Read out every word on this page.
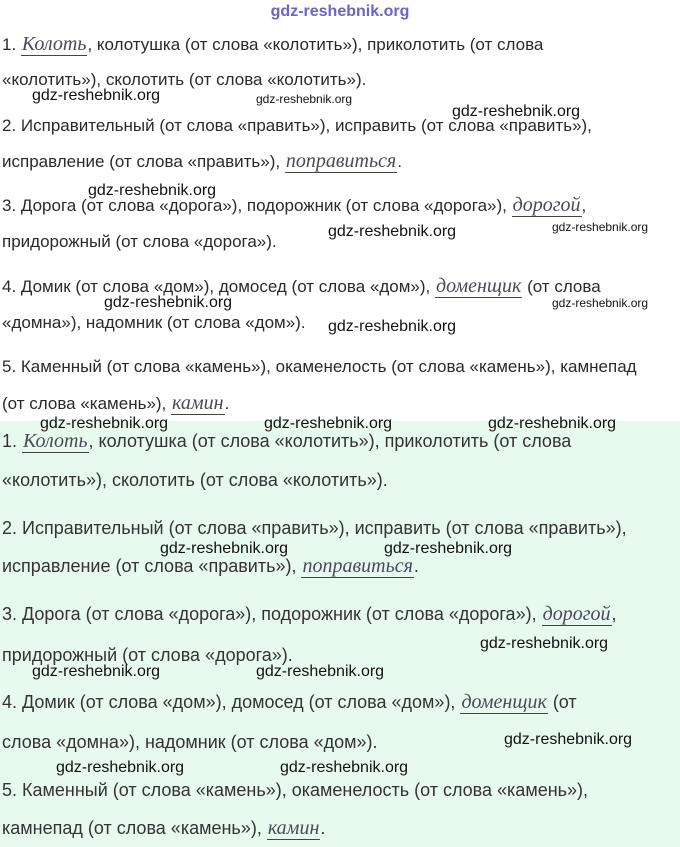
1. Колоть, колотушка (от слова «колотить»), приколотить (от слова
«колотить»), сколотить (от слова «колотить»).
2. Исправительный (от слова «править»), исправить (от слова «править»),
исправление (от слова «править»), поправиться.
3. Дорога (от слова «дорога»), подорожник (от слова «дорога»), дорогой,
придорожный (от слова «дорога»).
4. Домик (от слова «дом»), домосед (от слова «дом»), доменщик (от
слова «домна»), надомник (от слова «дом»).
5. Каменный (от слова «камень»), окаменелость (от слова «камень»),
камнепад (от слова «камень»), камин.
gdz-reshebnik.org
1. Колоть, колотушка (от слова «колотить»), приколотить (от слова
«колотить»), сколотить (от слова «колотить»).
2. Исправительный (от слова «править»), исправить (от слова «править»),
исправление (от слова «править»), поправиться.
3. Дорога (от слова «дорога»), подорожник (от слова «дорога»), дорогой,
придорожный (от слова «дорога»).
4. Домик (от слова «дом»), домосед (от слова «дом»), доменщик (от слова
«домна»), надомник (от слова «дом»).
5. Каменный (от слова «камень»), окаменелость (от слова «камень»), камнепад
(от слова «камень»), камин.
gdz-reshebnik.org	gdz-reshebnik.org
gdz-reshebnik.org
gdz-reshebnik.org
gdz-reshebnik.org
gdz-reshebnik.org
gdz-reshebnik.org	gdz-reshebnik.org
gdz-reshebnik.org
gdz-reshebnik.org	gdz-reshebnik.org	gdz-reshebnik.org
gdz-reshebnik.org	gdz-reshebnik.org
gdz-reshebnik.org
gdz-reshebnik.org	gdz-reshebnik.org
gdz-reshebnik.org
gdz-reshebnik.org	gdz-reshebnik.org
